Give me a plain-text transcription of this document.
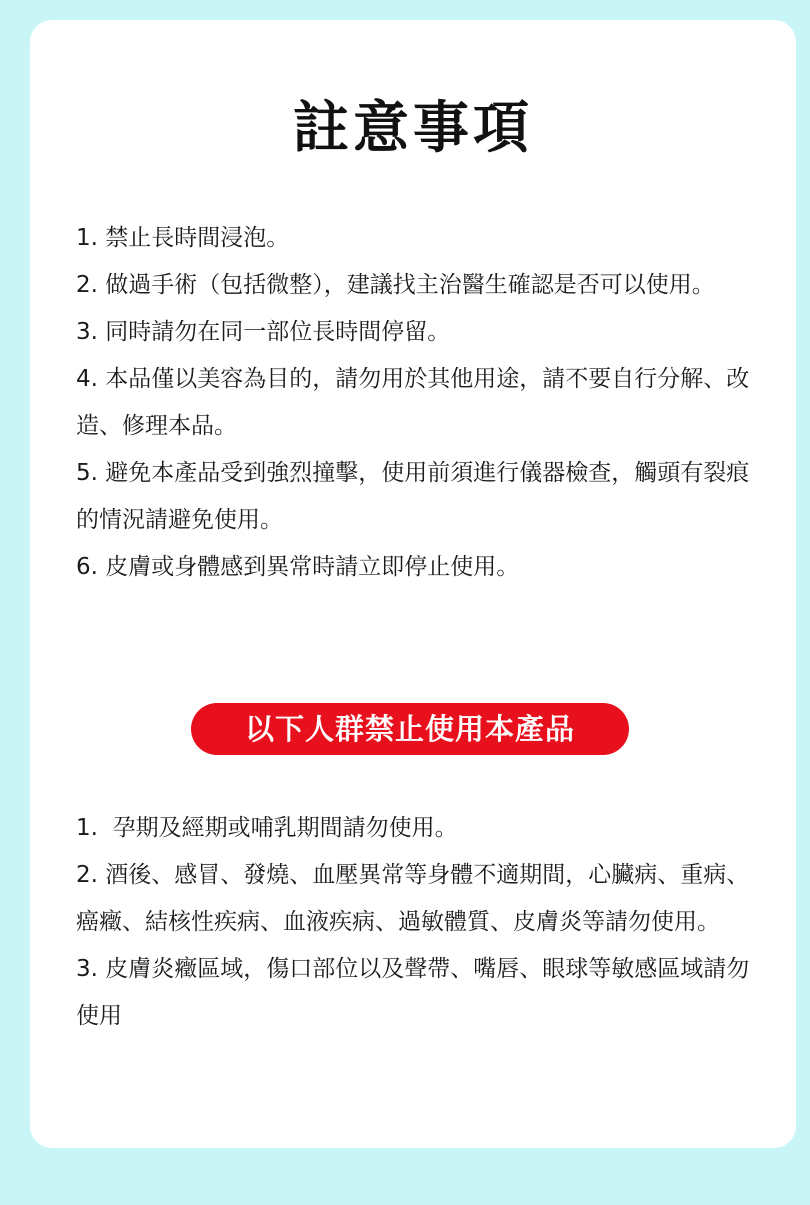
註意事項
1. 禁止長時間浸泡。
2. 做過手術（包括微整），建議找主治醫生確認是否可以使用。
3. 同時請勿在同一部位長時間停留。
4. 本品僅以美容為目的，請勿用於其他用途，請不要自行分解、改造、修理本品。
5. 避免本產品受到強烈撞擊，使用前須進行儀器檢查，觸頭有裂痕的情況請避免使用。
6. 皮膚或身體感到異常時請立即停止使用。
以下人群禁止使用本產品
1. 孕期及經期或哺乳期間請勿使用。
2. 酒後、感冒、發燒、血壓異常等身體不適期間，心臟病、重病、癌癥、結核性疾病、血液疾病、過敏體質、皮膚炎等請勿使用。
3. 皮膚炎癥區域，傷口部位以及聲帶、嘴唇、眼球等敏感區域請勿使用
